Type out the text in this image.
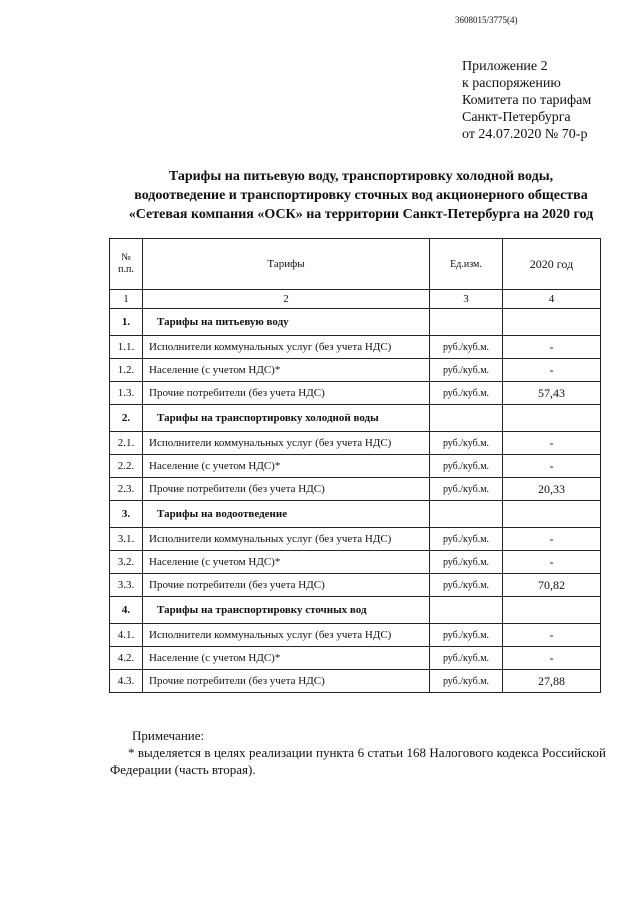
3608015/3775(4)
Приложение 2
к распоряжению
Комитета по тарифам
Санкт-Петербурга
от 24.07.2020 № 70-р
Тарифы на питьевую воду, транспортировку холодной воды,
водоотведение и транспортировку сточных вод акционерного общества
«Сетевая компания «ОСК» на территории Санкт-Петербурга на 2020 год
№
п.п.	Тарифы	Ед.изм.	2020 год
1	2	3	4
1.	Тарифы на питьевую воду		
1.1.	Исполнители коммунальных услуг (без учета НДС)	руб./куб.м.	-
1.2.	Население (с учетом НДС)*	руб./куб.м.	-
1.3.	Прочие потребители (без учета НДС)	руб./куб.м.	57,43
2.	Тарифы на транспортировку холодной воды		
2.1.	Исполнители коммунальных услуг (без учета НДС)	руб./куб.м.	-
2.2.	Население (с учетом НДС)*	руб./куб.м.	-
2.3.	Прочие потребители (без учета НДС)	руб./куб.м.	20,33
3.	Тарифы на водоотведение		
3.1.	Исполнители коммунальных услуг (без учета НДС)	руб./куб.м.	-
3.2.	Население (с учетом НДС)*	руб./куб.м.	-
3.3.	Прочие потребители (без учета НДС)	руб./куб.м.	70,82
4.	Тарифы на транспортировку сточных вод		
4.1.	Исполнители коммунальных услуг (без учета НДС)	руб./куб.м.	-
4.2.	Население (с учетом НДС)*	руб./куб.м.	-
4.3.	Прочие потребители (без учета НДС)	руб./куб.м.	27,88
Примечание:
* выделяется в целях реализации пункта 6 статьи 168 Налогового кодекса Российской Федерации (часть вторая).
